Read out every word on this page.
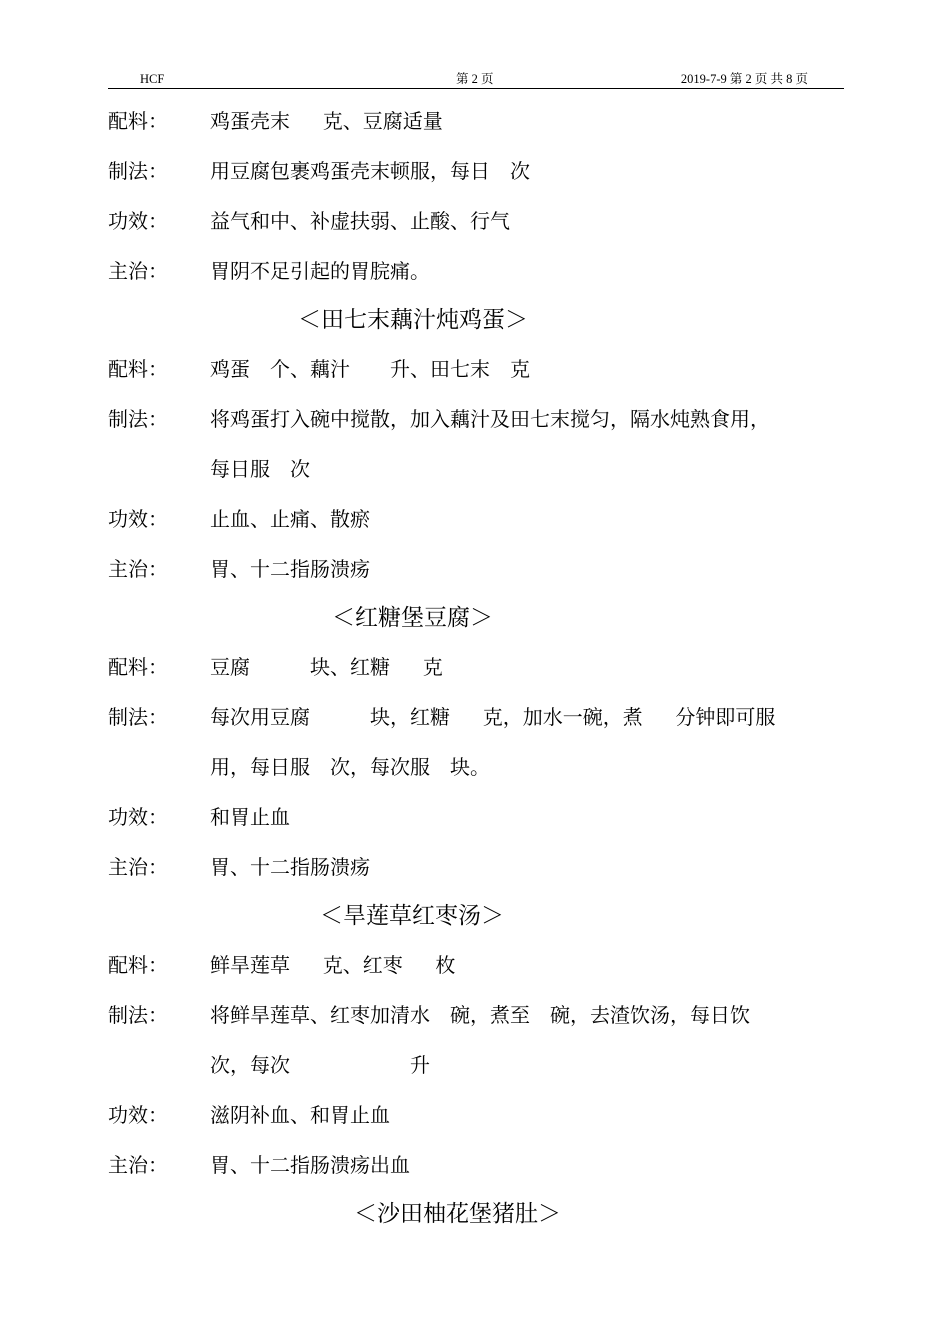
HCF	第 2 页	2019-7-9 第 2 页 共 8 页
配料： 鸡蛋壳末　  克、豆腐适量
制法： 用豆腐包裹鸡蛋壳末顿服，每日　次
功效： 益气和中、补虚扶弱、止酸、行气
主治： 胃阴不足引起的胃脘痛。
＜田七末藕汁炖鸡蛋＞
配料： 鸡蛋　个、藕汁　　升、田七末　克
制法： 将鸡蛋打入碗中搅散，加入藕汁及田七末搅匀，隔水炖熟食用，
每日服　次
功效： 止血、止痛、散瘀
主治： 胃、十二指肠溃疡
＜红糖堡豆腐＞
配料： 豆腐　　　块、红糖　  克
制法： 每次用豆腐　　　块，红糖　  克，加水一碗，煮　  分钟即可服
用，每日服　次，每次服　块。
功效： 和胃止血
主治： 胃、十二指肠溃疡
＜旱莲草红枣汤＞
配料： 鲜旱莲草　  克、红枣　  枚
制法： 将鲜旱莲草、红枣加清水　碗，煮至　碗，去渣饮汤，每日饮
次，每次　　　　　　升
功效： 滋阴补血、和胃止血
主治： 胃、十二指肠溃疡出血
＜沙田柚花堡猪肚＞
